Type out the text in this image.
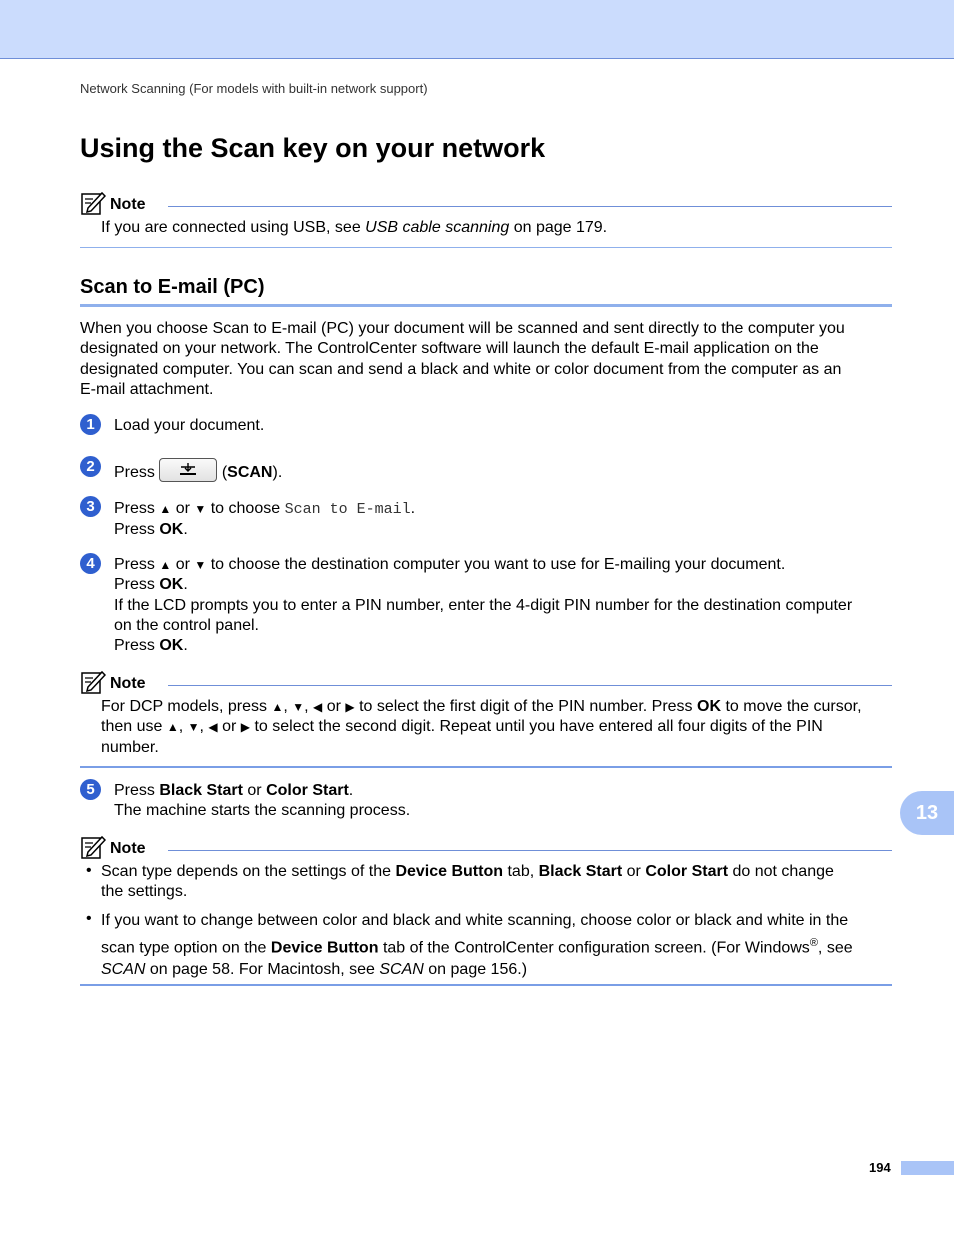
Network Scanning (For models with built-in network support)
Using the Scan key on your network
Note
If you are connected using USB, see USB cable scanning on page 179.
Scan to E-mail (PC)
When you choose Scan to E-mail (PC) your document will be scanned and sent directly to the computer you
designated on your network. The ControlCenter software will launch the default E-mail application on the
designated computer. You can scan and send a black and white or color document from the computer as an
E-mail attachment.
1	Load your document.
2	Press	(SCAN).
3	Press ▲ or ▼ to choose Scan to E-mail.
Press OK.
4	Press ▲ or ▼ to choose the destination computer you want to use for E-mailing your document.
Press OK.
If the LCD prompts you to enter a PIN number, enter the 4-digit PIN number for the destination computer
on the control panel.
Press OK.
Note
For DCP models, press ▲, ▼, ◀ or ▶ to select the first digit of the PIN number. Press OK to move the cursor,
then use ▲, ▼, ◀ or ▶ to select the second digit. Repeat until you have entered all four digits of the PIN
number.
5	Press Black Start or Color Start.
The machine starts the scanning process.	13
Note
• Scan type depends on the settings of the Device Button tab, Black Start or Color Start do not change
the settings.
• If you want to change between color and black and white scanning, choose color or black and white in the
scan type option on the Device Button tab of the ControlCenter configuration screen. (For Windows®, see
SCAN on page 58. For Macintosh, see SCAN on page 156.)
194
